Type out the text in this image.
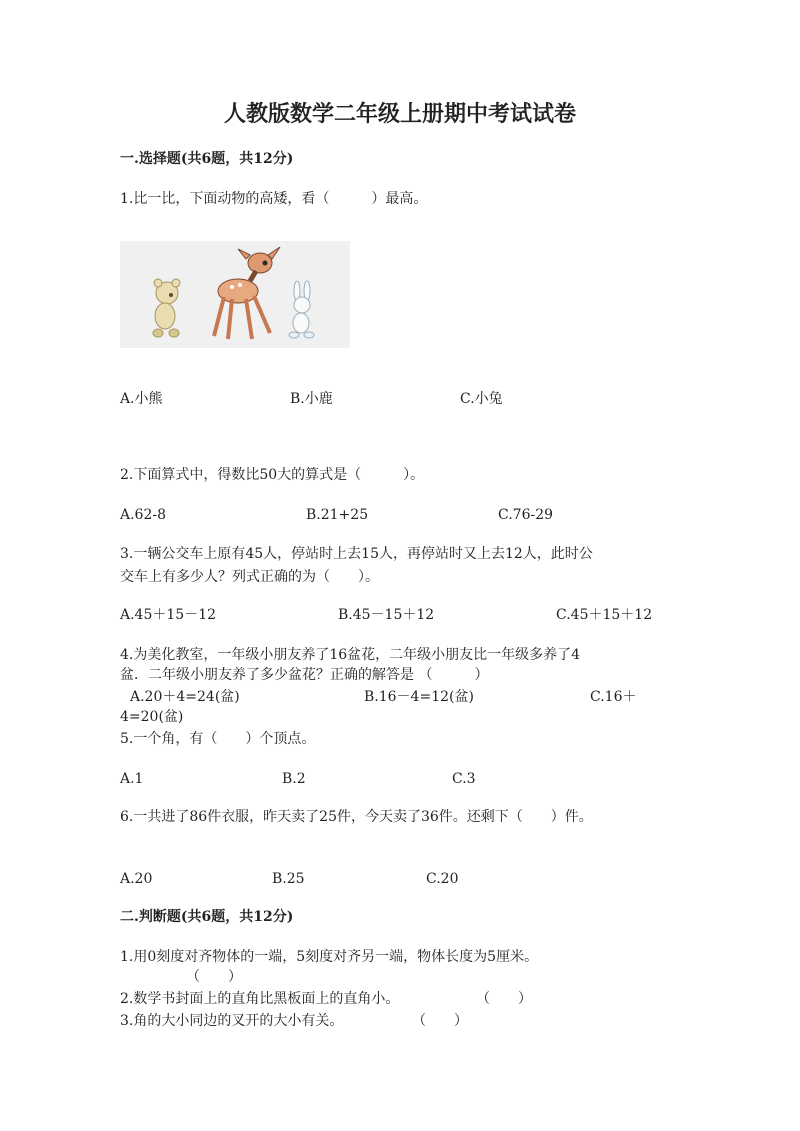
人教版数学二年级上册期中考试试卷
一.选择题(共6题，共12分)
1.比一比，下面动物的高矮，看（　　　）最高。
A.小熊	B.小鹿	C.小兔
2.下面算式中，得数比50大的算式是（　　　）。
A.62-8	B.21+25	C.76-29
3.一辆公交车上原有45人，停站时上去15人，再停站时又上去12人，此时公
交车上有多少人？列式正确的为（　　）。
A.45＋15－12	B.45－15＋12	C.45＋15＋12
4.为美化教室，一年级小朋友养了16盆花，二年级小朋友比一年级多养了4
盆．二年级小朋友养了多少盆花？正确的解答是 （　　　）
A.20＋4=24(盆)	B.16－4=12(盆)	C.16＋
4=20(盆)
5.一个角，有（　　）个顶点。
A.1	B.2	C.3
6.一共进了86件衣服，昨天卖了25件，今天卖了36件。还剩下（　　）件。
A.20	B.25	C.20
二.判断题(共6题，共12分)
1.用0刻度对齐物体的一端，5刻度对齐另一端，物体长度为5厘米。
（　　）
2.数学书封面上的直角比黑板面上的直角小。	（　　）
3.角的大小同边的叉开的大小有关。	（　　）
